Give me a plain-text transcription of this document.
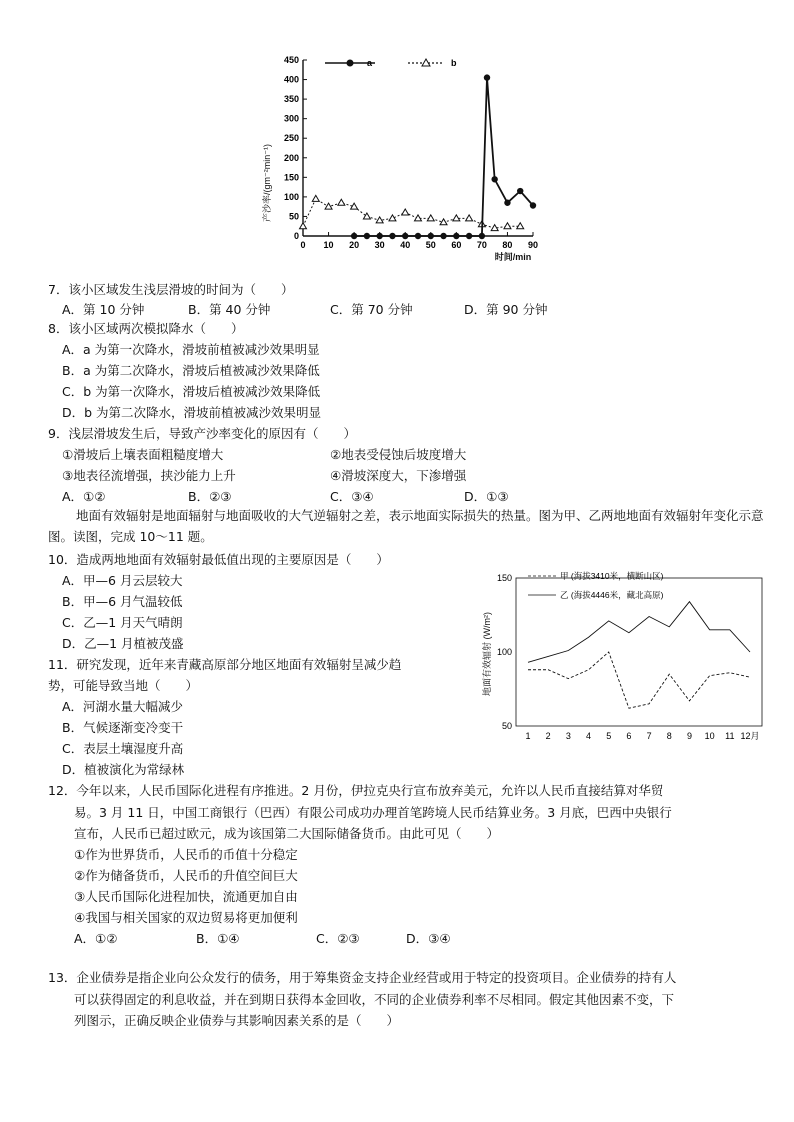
0
50
100
150
200
250
300
350
400
450
0 10 20 30 40 50 60 70 80 90
a	b
产沙率/(gm⁻²min⁻¹)
时间/min
7．该小区域发生浅层滑坡的时间为（　　）
A．第 10 分钟	B．第 40 分钟	C．第 70 分钟	D．第 90 分钟
8．该小区域两次模拟降水（　　）
A．a 为第一次降水，滑坡前植被减沙效果明显
B．a 为第二次降水，滑坡后植被减沙效果降低
C．b 为第一次降水，滑坡后植被减沙效果降低
D．b 为第二次降水，滑坡前植被减沙效果明显
9．浅层滑坡发生后，导致产沙率变化的原因有（　　）
①滑坡后上壤表面粗糙度增大	②地表受侵蚀后坡度增大
③地表径流增强，挟沙能力上升	④滑坡深度大，下渗增强
A．①②	B．②③	C．③④	D．①③
地面有效辐射是地面辐射与地面吸收的大气逆辐射之差，表示地面实际损失的热量。图为甲、乙两地地面有效辐射年变化示意图。读图，完成 10～11 题。
10．造成两地地面有效辐射最低值出现的主要原因是（　　）
A．甲—6 月云层较大
B．甲—6 月气温较低
C．乙—1 月天气晴朗
D．乙—1 月植被茂盛
11．研究发现，近年来青藏高原部分地区地面有效辐射呈减少趋
势，可能导致当地（　　）
A．河湖水量大幅减少
B．气候逐渐变冷变干
C．表层土壤湿度升高
D．植被演化为常绿林
50
100
150
1 2 3 4 5 6 7 8 9 10 11 12月
甲 (海拔3410米，横断山区)
乙 (海拔4446米，藏北高原)
地面有效辐射 (W/m²)
12．今年以来，人民币国际化进程有序推进。2 月份，伊拉克央行宣布放弃美元，允许以人民币直接结算对华贸
易。3 月 11 日，中国工商银行（巴西）有限公司成功办理首笔跨境人民币结算业务。3 月底，巴西中央银行
宣布，人民币已超过欧元，成为该国第二大国际储备货币。由此可见（　　）
①作为世界货币，人民币的币值十分稳定
②作为储备货币，人民币的升值空间巨大
③人民币国际化进程加快，流通更加自由
④我国与相关国家的双边贸易将更加便利
A．①②	B．①④	C．②③	D．③④
13．企业债券是指企业向公众发行的债务，用于筹集资金支持企业经营或用于特定的投资项目。企业债券的持有人
可以获得固定的利息收益，并在到期日获得本金回收，不同的企业债券利率不尽相同。假定其他因素不变，下
列图示，正确反映企业债券与其影响因素关系的是（　　）
